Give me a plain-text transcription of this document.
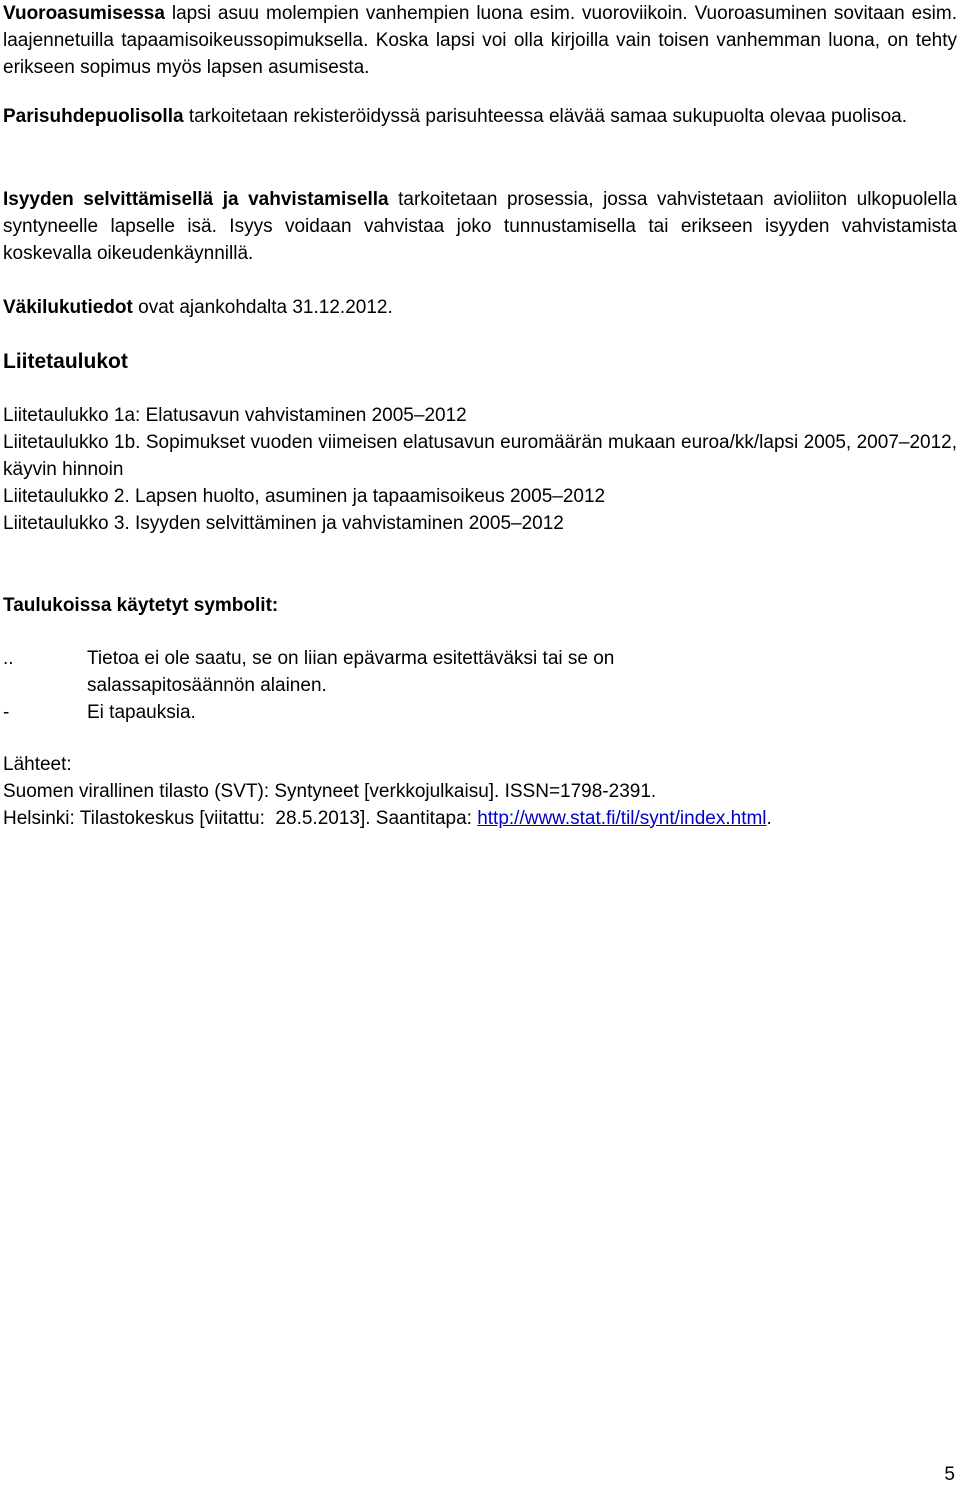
Vuoroasumisessa lapsi asuu molempien vanhempien luona esim. vuoroviikoin. Vuoroasuminen sovitaan esim. laajennetuilla tapaamisoikeussopimuksella. Koska lapsi voi olla kirjoilla vain toisen vanhemman luona, on tehty erikseen sopimus myös lapsen asumisesta.

Parisuhdepuolisolla tarkoitetaan rekisteröidyssä parisuhteessa elävää samaa sukupuolta olevaa puolisoa.

Isyyden selvittämisellä ja vahvistamisella tarkoitetaan prosessia, jossa vahvistetaan avioliiton ulkopuolella syntyneelle lapselle isä. Isyys voidaan vahvistaa joko tunnustamisella tai erikseen isyyden vahvistamista koskevalla oikeudenkäynnillä.

Väkilukutiedot ovat ajankohdalta 31.12.2012.

Liitetaulukot

Liitetaulukko 1a: Elatusavun vahvistaminen 2005–2012

Liitetaulukko 1b. Sopimukset vuoden viimeisen elatusavun euromäärän mukaan euroa/kk/lapsi 2005, 2007–2012, käyvin hinnoin

Liitetaulukko 2. Lapsen huolto, asuminen ja tapaamisoikeus 2005–2012

Liitetaulukko 3. Isyyden selvittäminen ja vahvistaminen 2005–2012

Taulukoissa käytetyt symbolit:

..	Tietoa ei ole saatu, se on liian epävarma esitettäväksi tai se on salassapitosäännön alainen.
-	Ei tapauksia.

Lähteet:

Suomen virallinen tilasto (SVT): Syntyneet [verkkojulkaisu]. ISSN=1798-2391.

Helsinki: Tilastokeskus [viitattu:  28.5.2013]. Saantitapa: http://www.stat.fi/til/synt/index.html.

5
